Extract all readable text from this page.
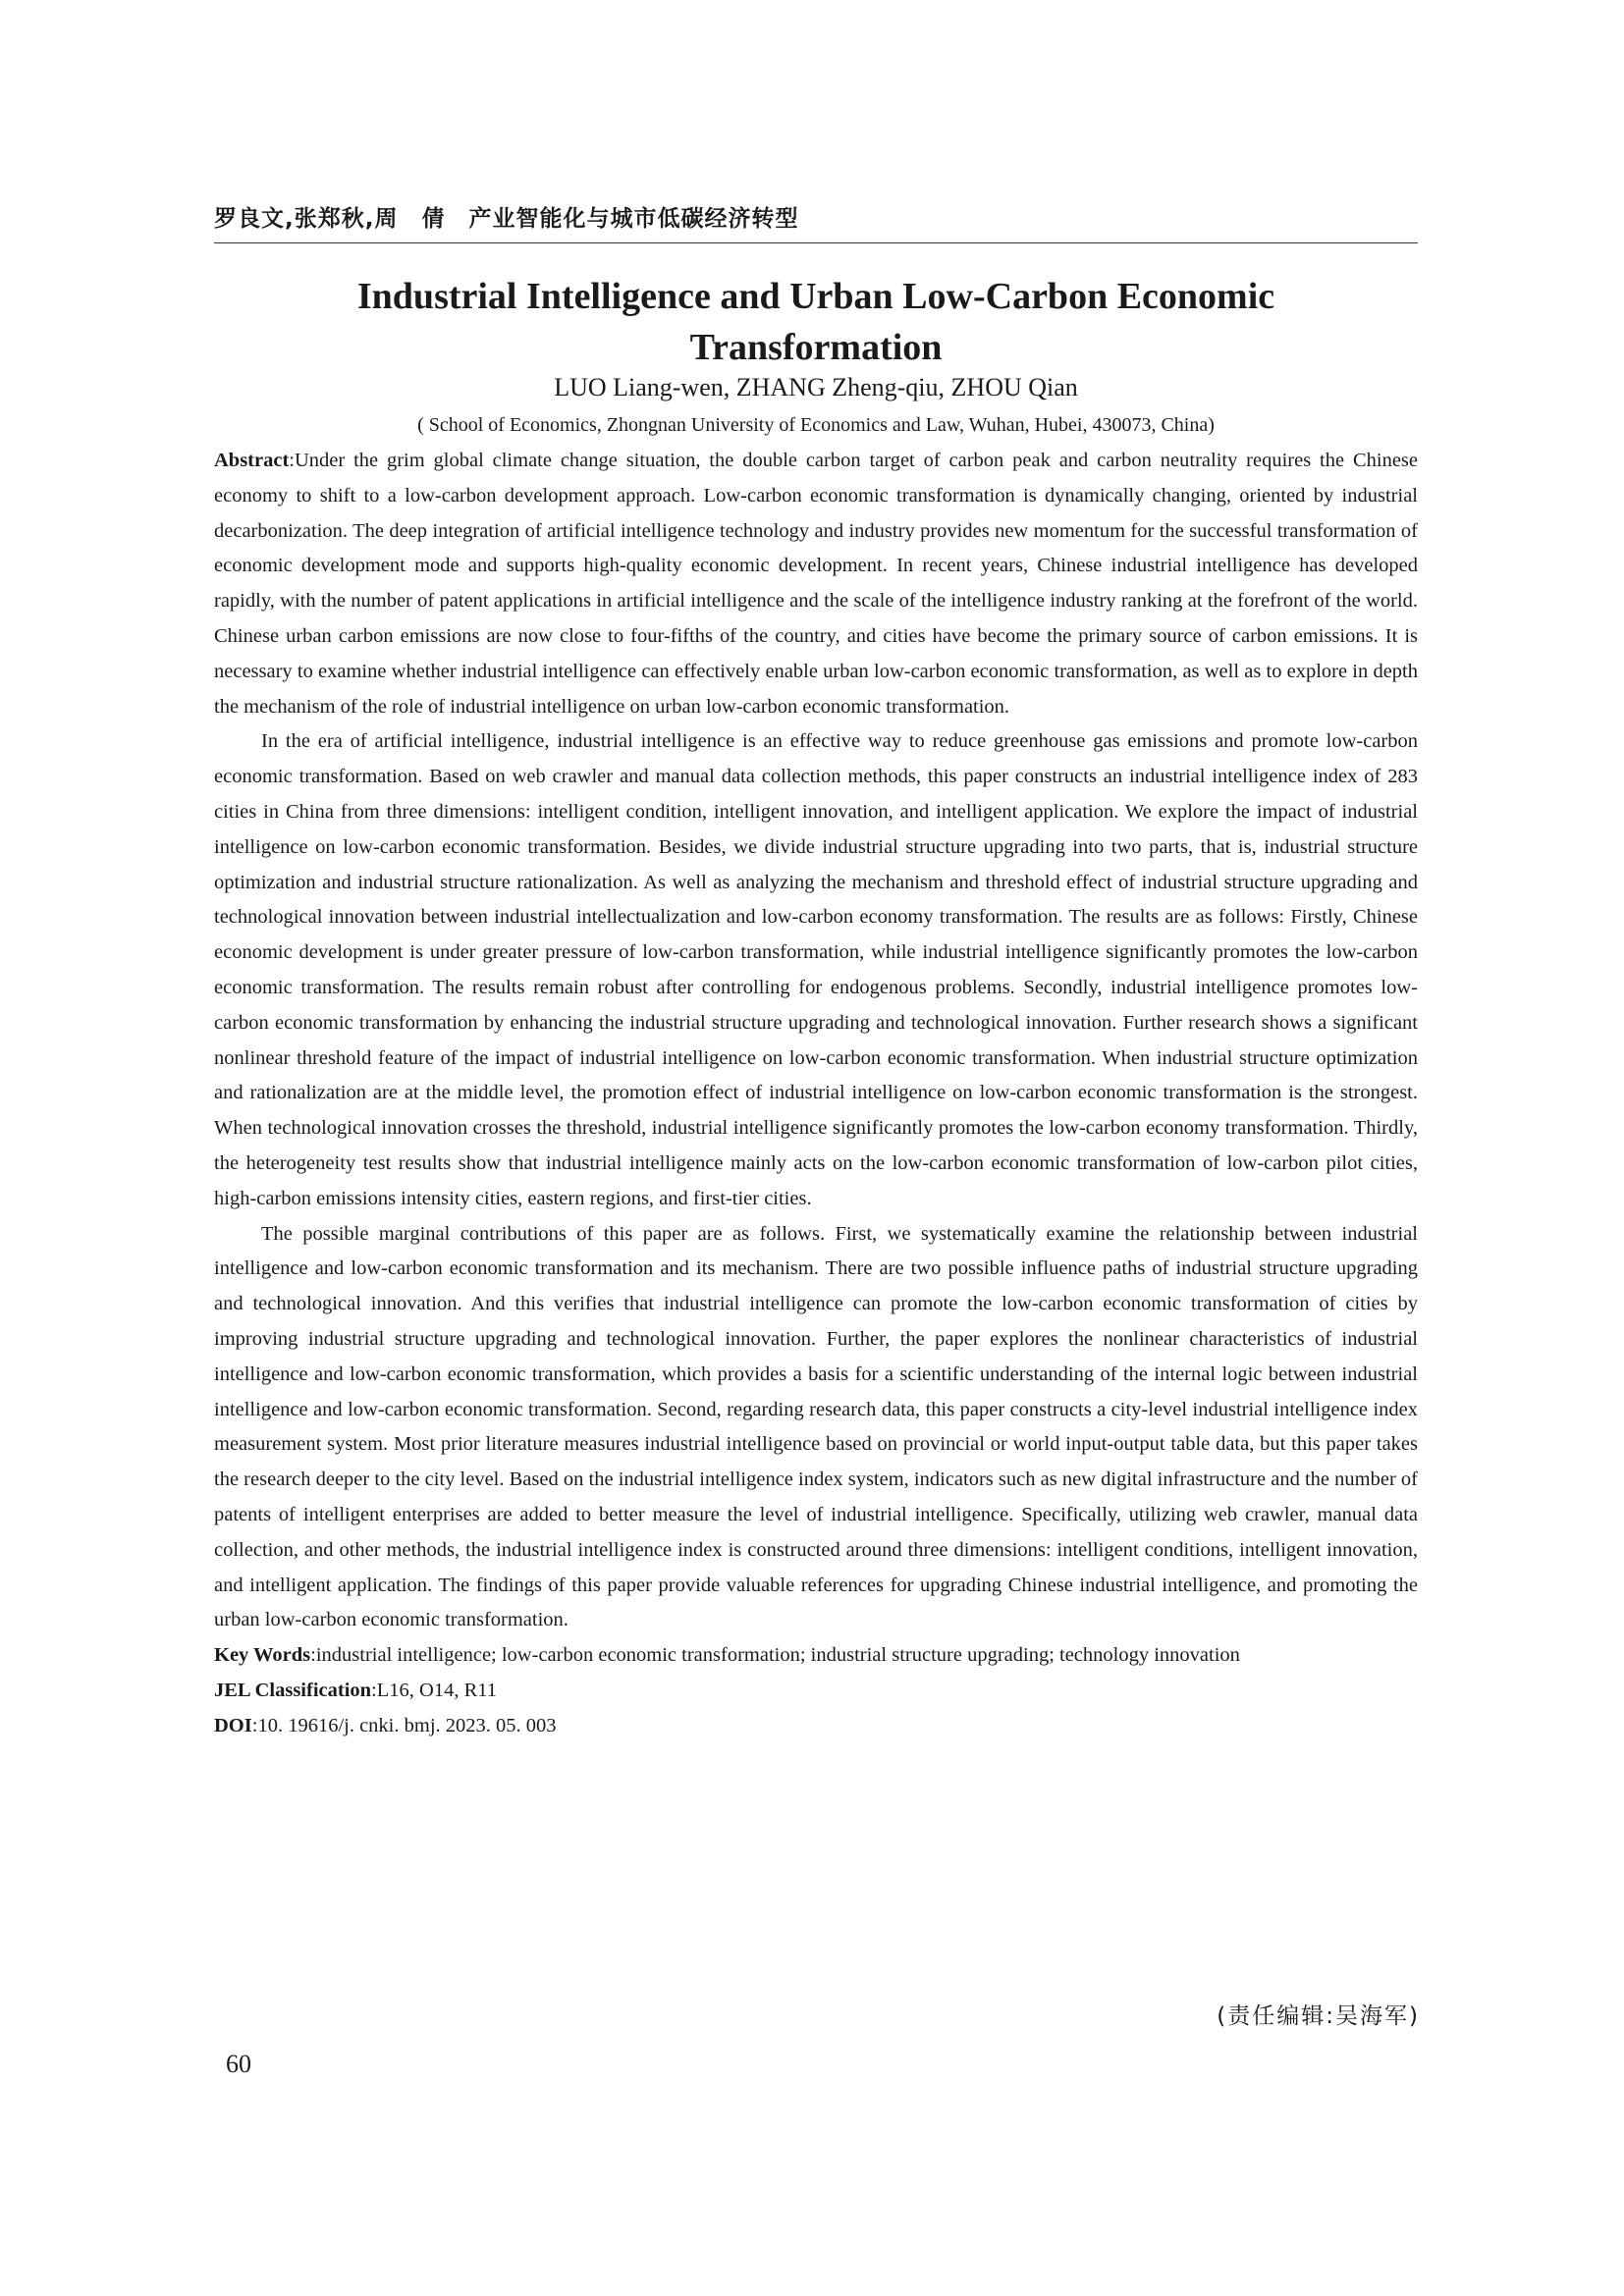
罗良文,张郑秋,周　倩　产业智能化与城市低碳经济转型
Industrial Intelligence and Urban Low-Carbon Economic
Transformation
LUO Liang-wen, ZHANG Zheng-qiu, ZHOU Qian
( School of Economics, Zhongnan University of Economics and Law, Wuhan, Hubei, 430073, China)

Abstract:Under the grim global climate change situation, the double carbon target of carbon peak and carbon neutrality requires the Chinese economy to shift to a low-carbon development approach. Low-carbon economic transformation is dynamically changing, oriented by industrial decarbonization. The deep integration of artificial intelligence technology and industry provides new momentum for the successful transformation of economic development mode and supports high-quality economic development. In recent years, Chinese industrial intelligence has developed rapidly, with the number of patent applications in artificial intelligence and the scale of the intelligence industry ranking at the forefront of the world. Chinese urban carbon emissions are now close to four-fifths of the country, and cities have become the primary source of carbon emissions. It is necessary to examine whether industrial intelligence can effectively enable urban low-carbon economic transformation, as well as to explore in depth the mechanism of the role of industrial intelligence on urban low-carbon economic transformation.

In the era of artificial intelligence, industrial intelligence is an effective way to reduce greenhouse gas emissions and promote low-carbon economic transformation. Based on web crawler and manual data collection methods, this paper constructs an industrial intelligence index of 283 cities in China from three dimensions: intelligent condition, intelligent innovation, and intelligent application. We explore the impact of industrial intelligence on low-carbon economic transformation. Besides, we divide industrial structure upgrading into two parts, that is, industrial structure optimization and industrial structure rationalization. As well as analyzing the mechanism and threshold effect of industrial structure upgrading and technological innovation between industrial intellectualization and low-carbon economy transformation. The results are as follows: Firstly, Chinese economic development is under greater pressure of low-carbon transformation, while industrial intelligence significantly promotes the low-carbon economic transformation. The results remain robust after controlling for endogenous problems. Secondly, industrial intelligence promotes low-carbon economic transformation by enhancing the industrial structure upgrading and technological innovation. Further research shows a significant nonlinear threshold feature of the impact of industrial intelligence on low-carbon economic transformation. When industrial structure optimization and rationalization are at the middle level, the promotion effect of industrial intelligence on low-carbon economic transformation is the strongest. When technological innovation crosses the threshold, industrial intelligence significantly promotes the low-carbon economy transformation. Thirdly, the heterogeneity test results show that industrial intelligence mainly acts on the low-carbon economic transformation of low-carbon pilot cities, high-carbon emissions intensity cities, eastern regions, and first-tier cities.

The possible marginal contributions of this paper are as follows. First, we systematically examine the relationship between industrial intelligence and low-carbon economic transformation and its mechanism. There are two possible influence paths of industrial structure upgrading and technological innovation. And this verifies that industrial intelligence can promote the low-carbon economic transformation of cities by improving industrial structure upgrading and technological innovation. Further, the paper explores the nonlinear characteristics of industrial intelligence and low-carbon economic transformation, which provides a basis for a scientific understanding of the internal logic between industrial intelligence and low-carbon economic transformation. Second, regarding research data, this paper constructs a city-level industrial intelligence index measurement system. Most prior literature measures industrial intelligence based on provincial or world input-output table data, but this paper takes the research deeper to the city level. Based on the industrial intelligence index system, indicators such as new digital infrastructure and the number of patents of intelligent enterprises are added to better measure the level of industrial intelligence. Specifically, utilizing web crawler, manual data collection, and other methods, the industrial intelligence index is constructed around three dimensions: intelligent conditions, intelligent innovation, and intelligent application. The findings of this paper provide valuable references for upgrading Chinese industrial intelligence, and promoting the urban low-carbon economic transformation.

Key Words:industrial intelligence; low-carbon economic transformation; industrial structure upgrading; technology innovation

JEL Classification:L16, O14, R11

DOI:10. 19616/j. cnki. bmj. 2023. 05. 003

(责任编辑:吴海军)
60
